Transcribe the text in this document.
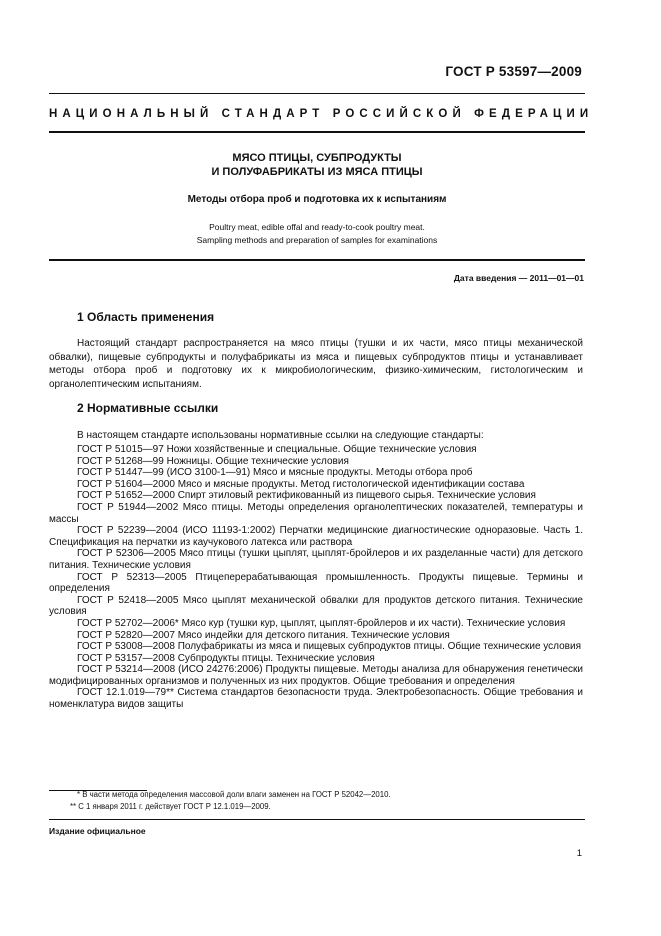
ГОСТ Р 53597—2009
НАЦИОНАЛЬНЫЙ СТАНДАРТ РОССИЙСКОЙ ФЕДЕРАЦИИ
МЯСО ПТИЦЫ, СУБПРОДУКТЫ
И ПОЛУФАБРИКАТЫ ИЗ МЯСА ПТИЦЫ
Методы отбора проб и подготовка их к испытаниям
Poultry meat, edible offal and ready-to-cook poultry meat.
Sampling methods and preparation of samples for examinations
Дата введения — 2011—01—01
1 Область применения

Настоящий стандарт распространяется на мясо птицы (тушки и их части, мясо птицы механической обвалки), пищевые субпродукты и полуфабрикаты из мяса и пищевых субпродуктов птицы и устанавливает методы отбора проб и подготовку их к микробиологическим, физико-химическим, гистологическим и органолептическим испытаниям.

2 Нормативные ссылки

В настоящем стандарте использованы нормативные ссылки на следующие стандарты:

ГОСТ Р 51015—97 Ножи хозяйственные и специальные. Общие технические условия

ГОСТ Р 51268—99 Ножницы. Общие технические условия

ГОСТ Р 51447—99 (ИСО 3100-1—91) Мясо и мясные продукты. Методы отбора проб

ГОСТ Р 51604—2000 Мясо и мясные продукты. Метод гистологической идентификации состава

ГОСТ Р 51652—2000 Спирт этиловый ректификованный из пищевого сырья. Технические условия

ГОСТ Р 51944—2002 Мясо птицы. Методы определения органолептических показателей, температуры и массы

ГОСТ Р 52239—2004 (ИСО 11193-1:2002) Перчатки медицинские диагностические одноразовые. Часть 1. Спецификация на перчатки из каучукового латекса или раствора

ГОСТ Р 52306—2005 Мясо птицы (тушки цыплят, цыплят-бройлеров и их разделанные части) для детского питания. Технические условия

ГОСТ Р 52313—2005 Птицеперерабатывающая промышленность. Продукты пищевые. Термины и определения

ГОСТ Р 52418—2005 Мясо цыплят механической обвалки для продуктов детского питания. Технические условия

ГОСТ Р 52702—2006* Мясо кур (тушки кур, цыплят, цыплят-бройлеров и их части). Технические условия

ГОСТ Р 52820—2007 Мясо индейки для детского питания. Технические условия

ГОСТ Р 53008—2008 Полуфабрикаты из мяса и пищевых субпродуктов птицы. Общие технические условия

ГОСТ Р 53157—2008 Субпродукты птицы. Технические условия

ГОСТ Р 53214—2008 (ИСО 24276:2006) Продукты пищевые. Методы анализа для обнаружения генетически модифицированных организмов и полученных из них продуктов. Общие требования и определения

ГОСТ 12.1.019—79** Система стандартов безопасности труда. Электробезопасность. Общие требования и номенклатура видов защиты

* В части метода определения массовой доли влаги заменен на ГОСТ Р 52042—2010.

** С 1 января 2011 г. действует ГОСТ Р 12.1.019—2009.

Издание официальное
1
